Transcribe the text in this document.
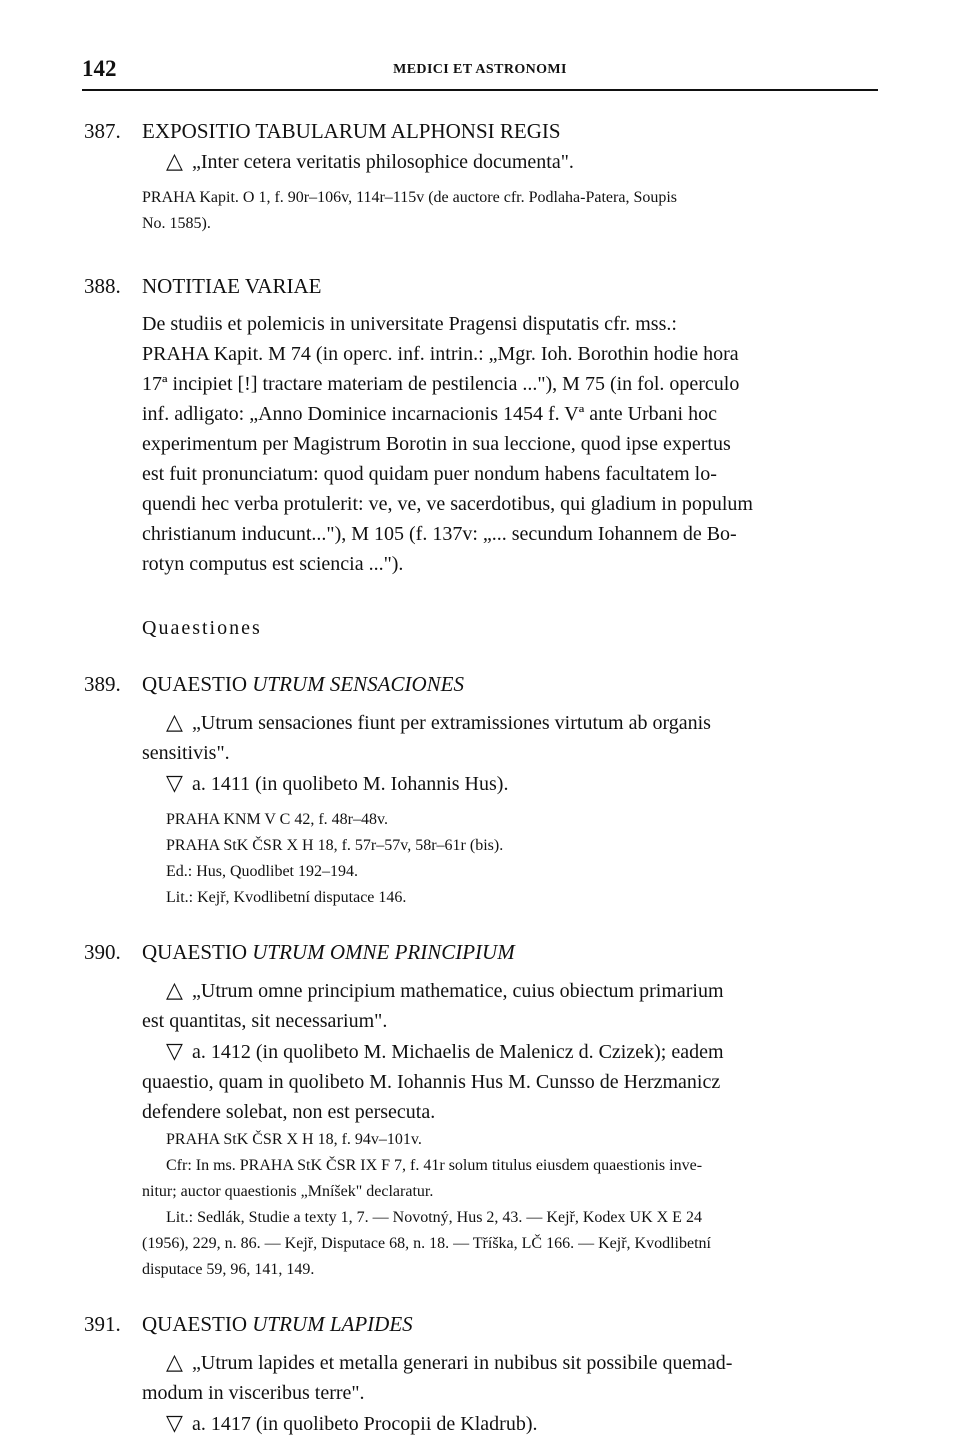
142	MEDICI ET ASTRONOMI
387. EXPOSITIO TABULARUM ALPHONSI REGIS

△ „Inter cetera veritatis philosophice documenta".

PRAHA Kapit. O 1, f. 90r–106v, 114r–115v (de auctore cfr. Podlaha-Patera, Soupis

No. 1585).

388. NOTITIAE VARIAE

De studiis et polemicis in universitate Pragensi disputatis cfr. mss.:

PRAHA Kapit. M 74 (in operc. inf. intrin.: „Mgr. Ioh. Borothin hodie hora

17ª incipiet [!] tractare materiam de pestilencia ..."), M 75 (in fol. operculo

inf. adligato: „Anno Dominice incarnacionis 1454 f. Vª ante Urbani hoc

experimentum per Magistrum Borotin in sua leccione, quod ipse expertus

est fuit pronunciatum: quod quidam puer nondum habens facultatem lo-

quendi hec verba protulerit: ve, ve, ve sacerdotibus, qui gladium in populum

christianum inducunt..."), M 105 (f. 137v: „... secundum Iohannem de Bo-

rotyn computus est sciencia ...").

Quaestiones

389. QUAESTIO UTRUM SENSACIONES

△ „Utrum sensaciones fiunt per extramissiones virtutum ab organis

sensitivis".

▽ a. 1411 (in quolibeto M. Iohannis Hus).

PRAHA KNM V C 42, f. 48r–48v.

PRAHA StK ČSR X H 18, f. 57r–57v, 58r–61r (bis).

Ed.: Hus, Quodlibet 192–194.

Lit.: Kejř, Kvodlibetní disputace 146.

390. QUAESTIO UTRUM OMNE PRINCIPIUM

△ „Utrum omne principium mathematice, cuius obiectum primarium

est quantitas, sit necessarium".

▽ a. 1412 (in quolibeto M. Michaelis de Malenicz d. Czizek); eadem

quaestio, quam in quolibeto M. Iohannis Hus M. Cunsso de Herzmanicz

defendere solebat, non est persecuta.

PRAHA StK ČSR X H 18, f. 94v–101v.

Cfr: In ms. PRAHA StK ČSR IX F 7, f. 41r solum titulus eiusdem quaestionis inve-

nitur; auctor quaestionis „Mníšek" declaratur.

Lit.: Sedlák, Studie a texty 1, 7. — Novotný, Hus 2, 43. — Kejř, Kodex UK X E 24

(1956), 229, n. 86. — Kejř, Disputace 68, n. 18. — Tříška, LČ 166. — Kejř, Kvodlibetní

disputace 59, 96, 141, 149.

391. QUAESTIO UTRUM LAPIDES

△ „Utrum lapides et metalla generari in nubibus sit possibile quemad-

modum in visceribus terre".

▽ a. 1417 (in quolibeto Procopii de Kladrub).
